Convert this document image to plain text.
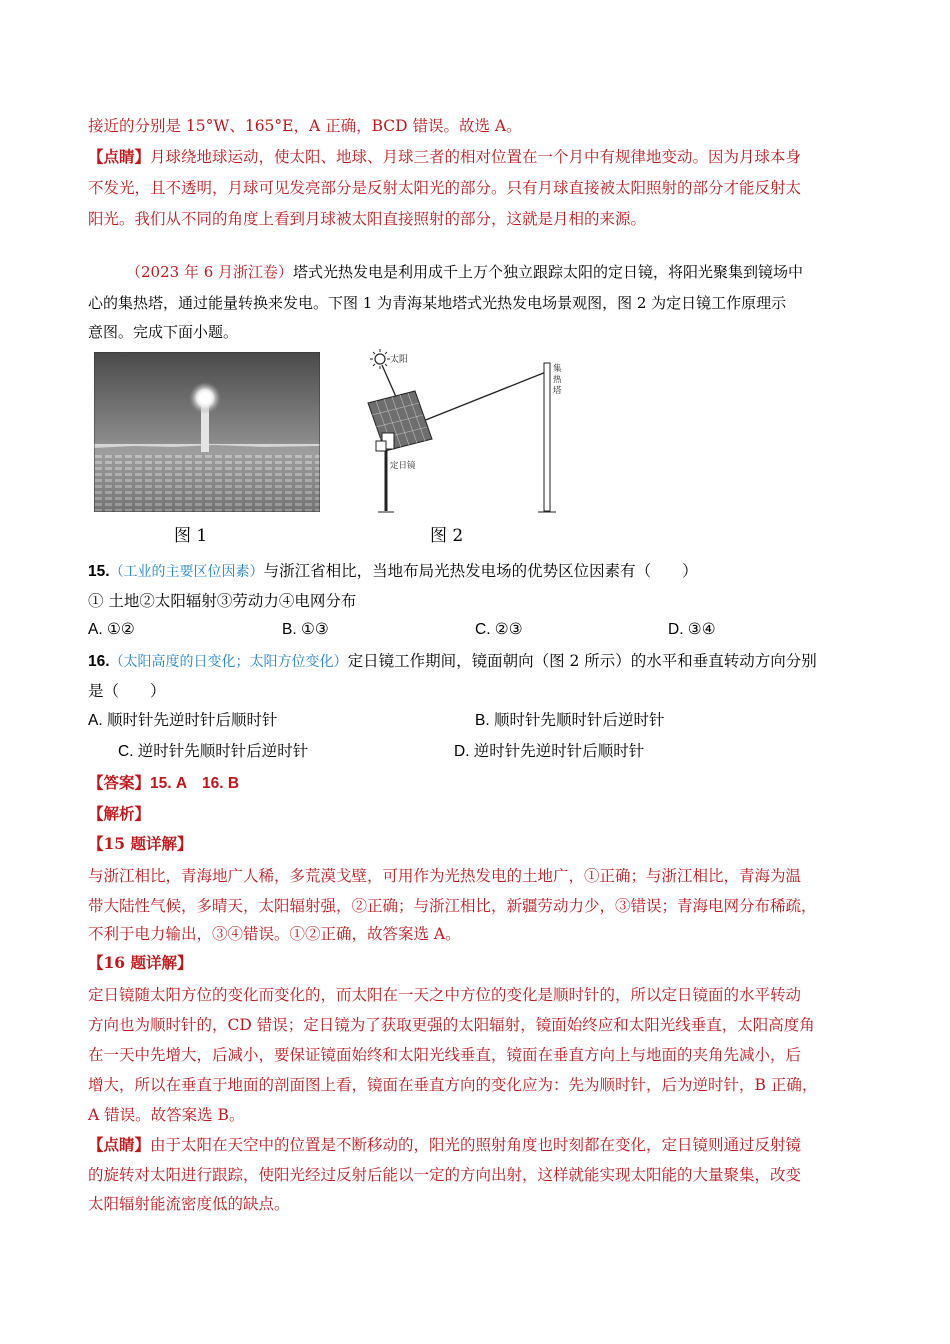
接近的分别是 15°W、165°E，A 正确，BCD 错误。故选 A。
【点睛】月球绕地球运动，使太阳、地球、月球三者的相对位置在一个月中有规律地变动。因为月球本身
不发光，且不透明，月球可见发亮部分是反射太阳光的部分。只有月球直接被太阳照射的部分才能反射太
阳光。我们从不同的角度上看到月球被太阳直接照射的部分，这就是月相的来源。
（2023 年 6 月浙江卷）塔式光热发电是利用成千上万个独立跟踪太阳的定日镜，将阳光聚集到镜场中
心的集热塔，通过能量转换来发电。下图 1 为青海某地塔式光热发电场景观图，图 2 为定日镜工作原理示
意图。完成下面小题。
图 1
太阳
集
热
塔
定日镜
图 2
15.（工业的主要区位因素）与浙江省相比，当地布局光热发电场的优势区位因素有（　　）
① 土地②太阳辐射③劳动力④电网分布
A. ①②	B. ①③	C. ②③	D. ③④
16.（太阳高度的日变化；太阳方位变化）定日镜工作期间，镜面朝向（图 2 所示）的水平和垂直转动方向分别
是（　　）
A. 顺时针先逆时针后顺时针	B. 顺时针先顺时针后逆时针
C. 逆时针先顺时针后逆时针	D. 逆时针先逆时针后顺时针
【答案】15. A　16. B
【解析】
【15 题详解】
与浙江相比，青海地广人稀，多荒漠戈壁，可用作为光热发电的土地广，①正确；与浙江相比，青海为温
带大陆性气候，多晴天，太阳辐射强，②正确；与浙江相比，新疆劳动力少，③错误；青海电网分布稀疏，
不利于电力输出，③④错误。①②正确，故答案选 A。
【16 题详解】
定日镜随太阳方位的变化而变化的，而太阳在一天之中方位的变化是顺时针的，所以定日镜面的水平转动
方向也为顺时针的，CD 错误；定日镜为了获取更强的太阳辐射，镜面始终应和太阳光线垂直，太阳高度角
在一天中先增大，后减小，要保证镜面始终和太阳光线垂直，镜面在垂直方向上与地面的夹角先减小，后
增大，所以在垂直于地面的剖面图上看，镜面在垂直方向的变化应为：先为顺时针，后为逆时针，B 正确，
A 错误。故答案选 B。
【点睛】由于太阳在天空中的位置是不断移动的，阳光的照射角度也时刻都在变化，定日镜则通过反射镜
的旋转对太阳进行跟踪，使阳光经过反射后能以一定的方向出射，这样就能实现太阳能的大量聚集，改变
太阳辐射能流密度低的缺点。
